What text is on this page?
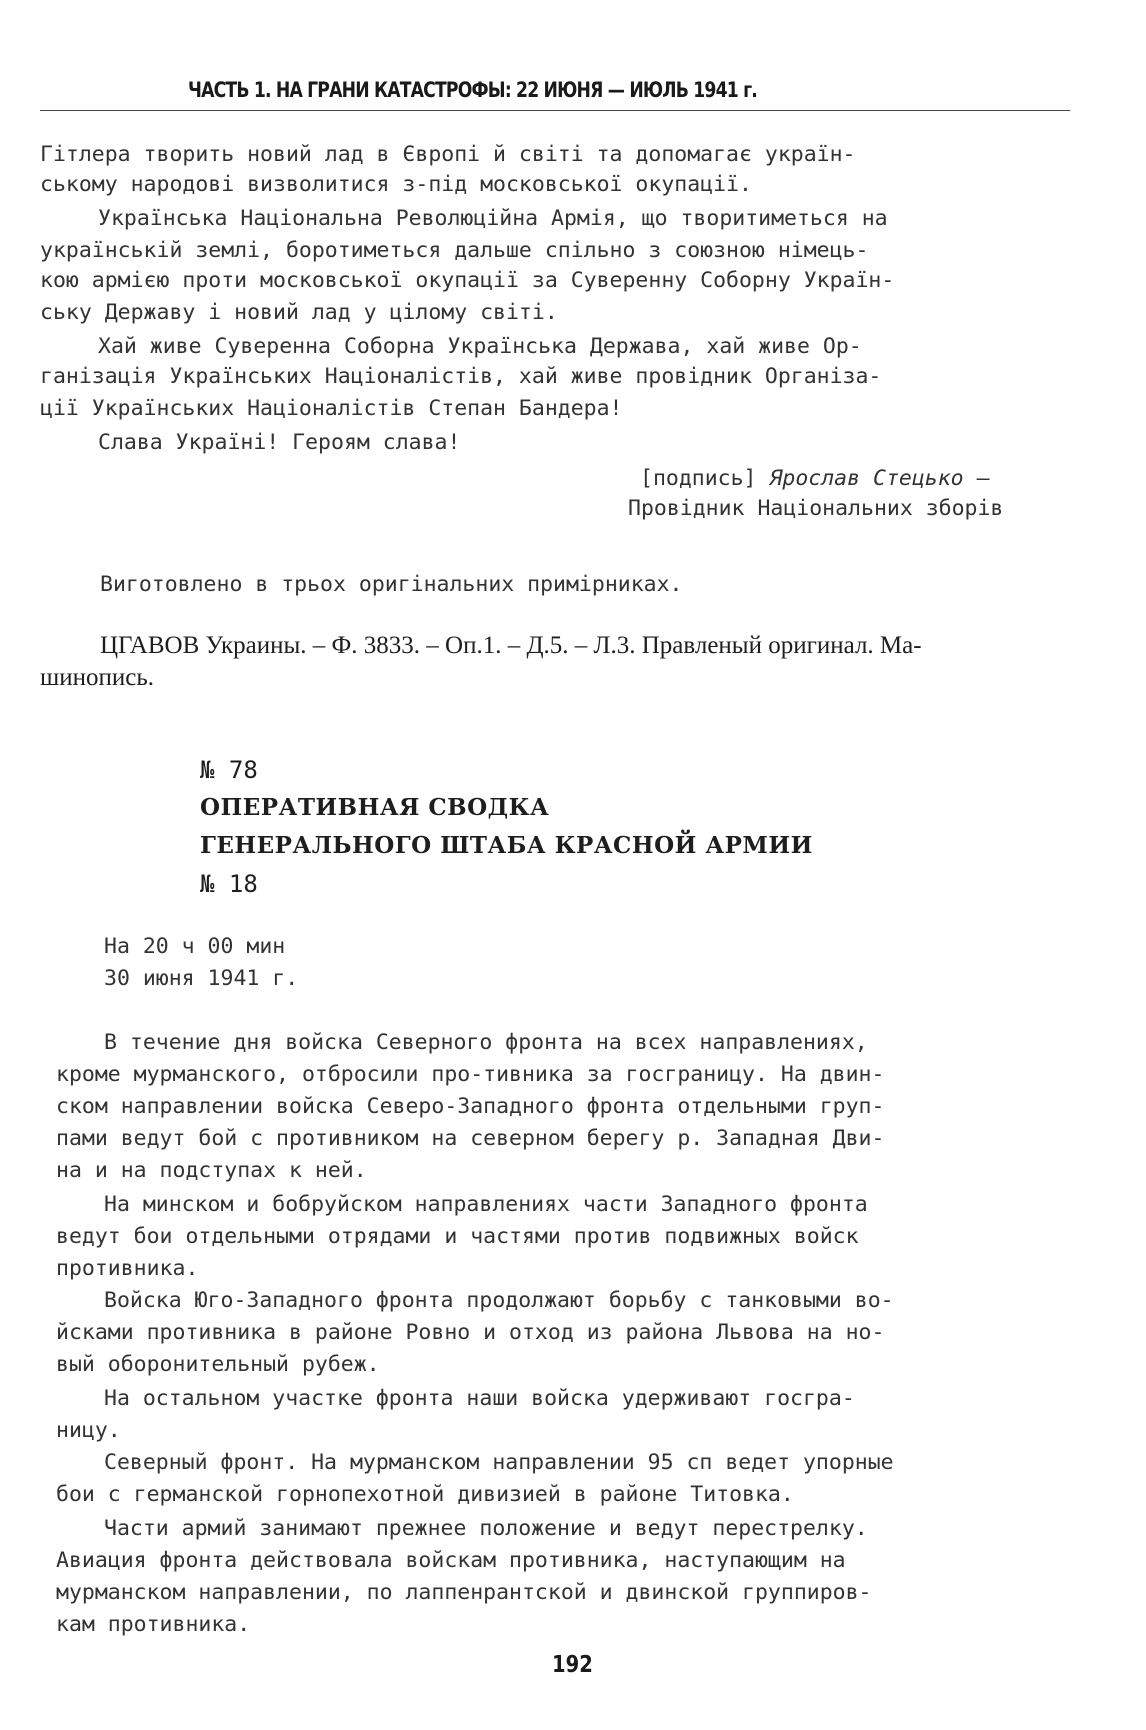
ЧАСТЬ 1. НА ГРАНИ КАТАСТРОФЫ: 22 ИЮНЯ — ИЮЛЬ 1941 г.
Гітлера творить новий лад в Європі й світі та допомагає україн-
ському народові визволитися з-під московської окупації.
Українська Національна Революційна Армія, що творитиметься на
українській землі, боротиметься дальше спільно з союзною німець-
кою армією проти московської окупації за Суверенну Соборну Україн-
ську Державу і новий лад у цілому світі.
Хай живе Суверенна Соборна Українська Держава, хай живе Ор-
ганізація Українських Націоналістів, хай живе провідник Організа-
ції Українських Націоналістів Степан Бандера!
Слава Україні! Героям слава!
[подпись] Ярослав Стецько –
Провідник Національних зборів
Виготовлено в трьох оригінальних примірниках.
ЦГАВОВ Украины. – Ф. 3833. – Оп.1. – Д.5. – Л.3. Правленый оригинал. Ма-
шинопись.
№ 78
ОПЕРАТИВНАЯ СВОДКА
ГЕНЕРАЛЬНОГО ШТАБА КРАСНОЙ АРМИИ
№ 18
На 20 ч 00 мин
30 июня 1941 г.
В течение дня войска Северного фронта на всех направлениях,
кроме мурманского, отбросили про-тивника за госграницу. На двин-
ском направлении войска Северо-Западного фронта отдельными груп-
пами ведут бой с противником на северном берегу р. Западная Дви-
на и на подступах к ней.
На минском и бобруйском направлениях части Западного фронта
ведут бои отдельными отрядами и частями против подвижных войск
противника.
Войска Юго-Западного фронта продолжают борьбу с танковыми во-
йсками противника в районе Ровно и отход из района Львова на но-
вый оборонительный рубеж.
На остальном участке фронта наши войска удерживают госгра-
ницу.
Северный фронт. На мурманском направлении 95 сп ведет упорные
бои с германской горнопехотной дивизией в районе Титовка.
Части армий занимают прежнее положение и ведут перестрелку.
Авиация фронта действовала войскам противника, наступающим на
мурманском направлении, по лаппенрантской и двинской группиров-
кам противника.
192
